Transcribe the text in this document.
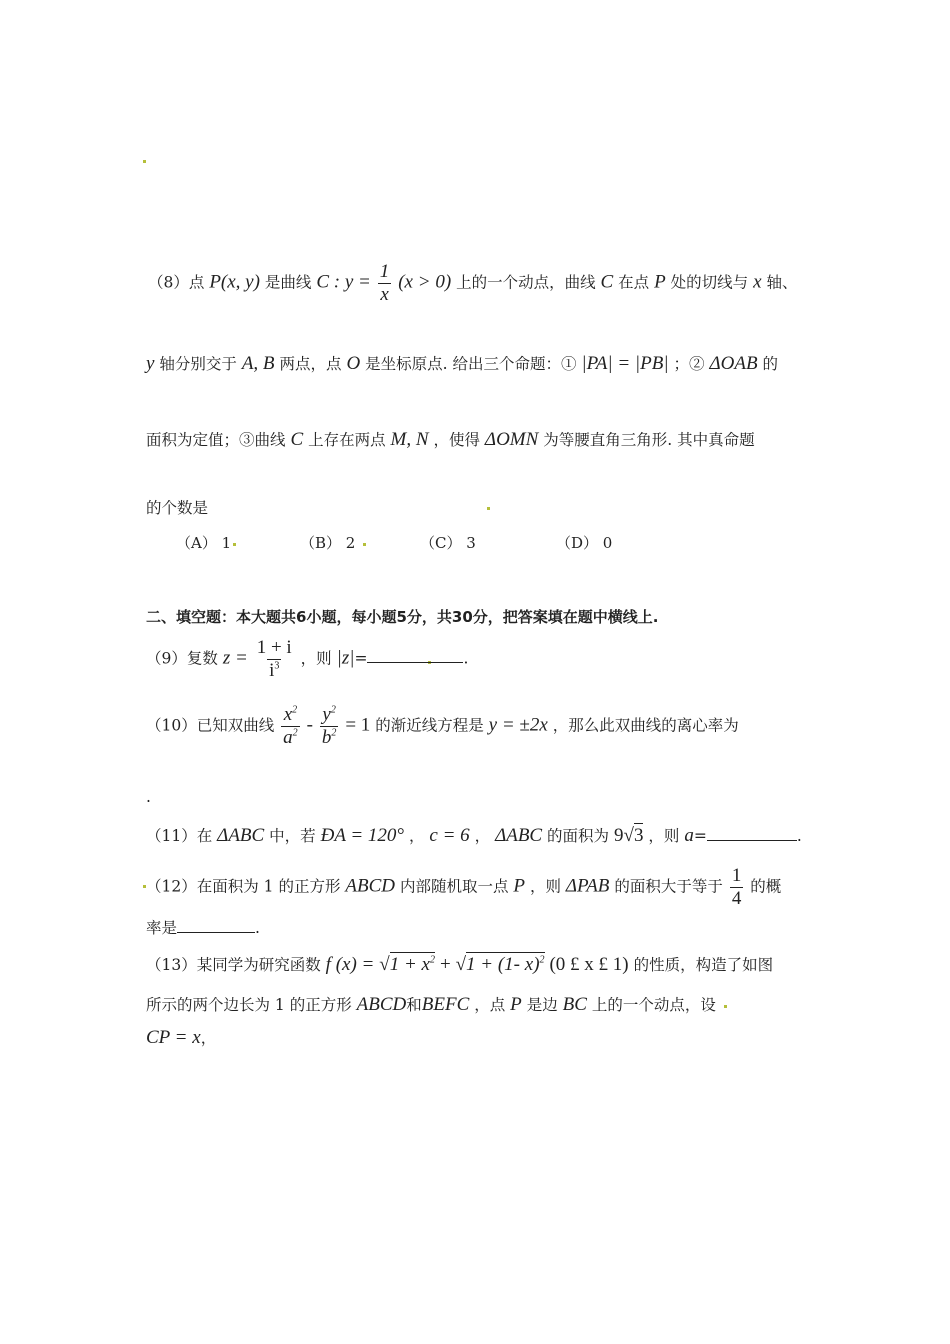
（8）点 P(x, y) 是曲线 C : $y = \frac{1}{x} (x > 0)$ 上的一个动点，曲线 C 在点 P 处的切线与 x 轴、
y 轴分别交于 A, B 两点，点 O 是坐标原点. 给出三个命题：① |PA| = |PB| ；② ΔOAB 的
面积为定值；③曲线 C 上存在两点 M, N ，使得 ΔOMN 为等腰直角三角形. 其中真命题
的个数是
（A） 1	（B） 2	（C） 3	（D） 0
二、填空题：本大题共6小题，每小题5分，共30分，把答案填在题中横线上.
（9）复数 $z = \frac{1 + i}{i^3}$ ，则 |z|=	.
（10）已知双曲线 $\frac{x^2}{a^2} - \frac{y^2}{b^2} = 1$ 的渐近线方程是 y = ±2x ，那么此双曲线的离心率为
.
（11）在 ΔABC 中，若 ÐA = 120° ， c = 6 ， ΔABC 的面积为 9√3 ，则 a=	.
（12）在面积为 1 的正方形 ABCD 内部随机取一点 P ，则 ΔPAB 的面积大于等于 $\frac{1}{4}$ 的概
率是	.
（13）某同学为研究函数 f $(x) = √1 + x^2 + √1 + (1-$ x)$^2$ (0 £ x £ 1) 的性质，构造了如图
所示的两个边长为 1 的正方形 ABCD和BEFC ，点 P 是边 BC 上的一个动点，设
CP = x，
